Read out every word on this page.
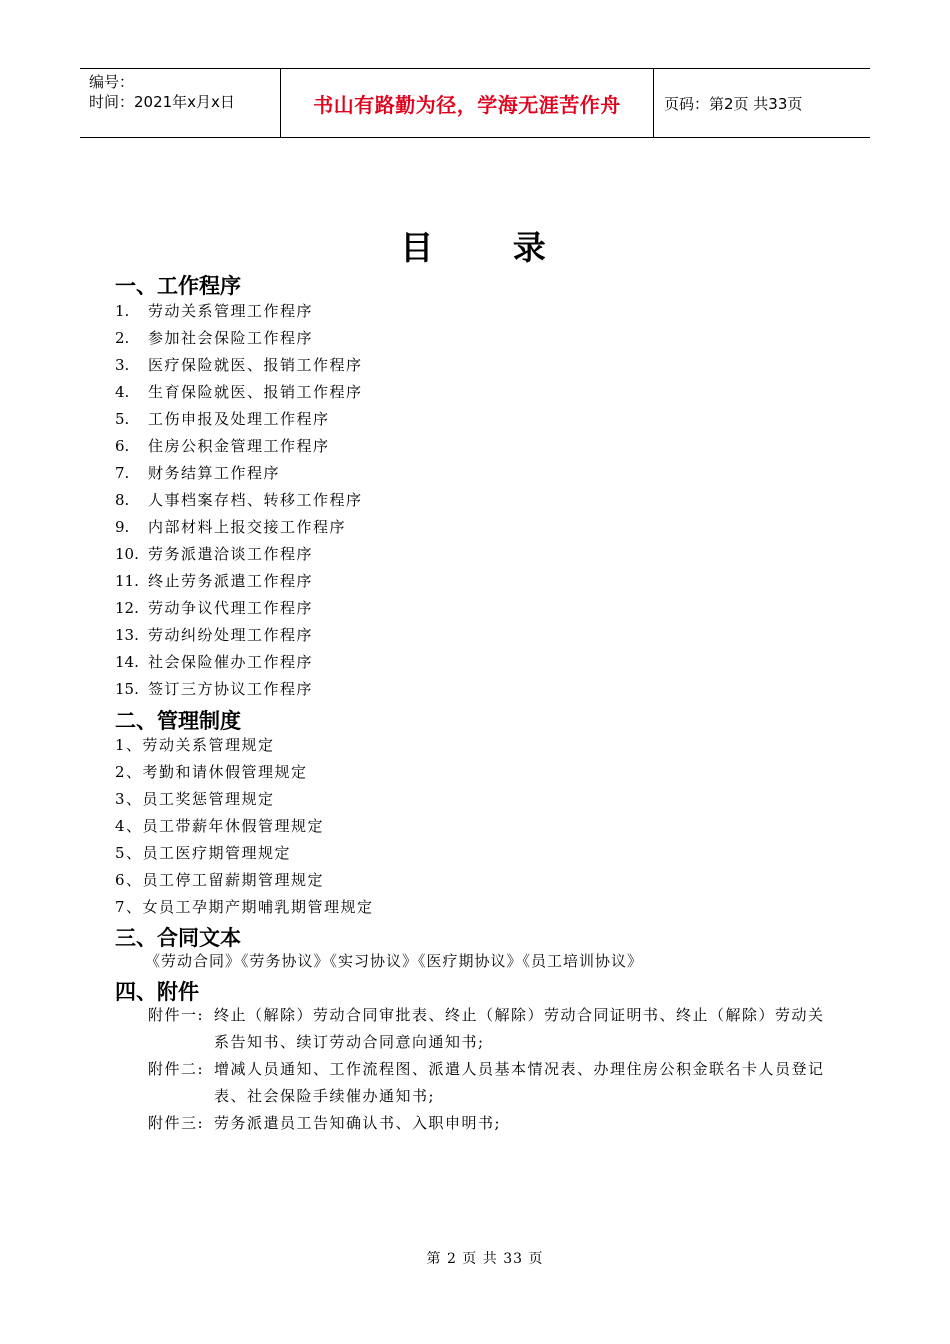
编号：
时间：2021年x月x日	书山有路勤为径，学海无涯苦作舟	页码：第2页 共33页
目 录
一、工作程序
1. 劳动关系管理工作程序
2. 参加社会保险工作程序
3. 医疗保险就医、报销工作程序
4. 生育保险就医、报销工作程序
5. 工伤申报及处理工作程序
6. 住房公积金管理工作程序
7. 财务结算工作程序
8. 人事档案存档、转移工作程序
9. 内部材料上报交接工作程序
10. 劳务派遣洽谈工作程序
11. 终止劳务派遣工作程序
12. 劳动争议代理工作程序
13. 劳动纠纷处理工作程序
14. 社会保险催办工作程序
15. 签订三方协议工作程序
二、管理制度
1、劳动关系管理规定
2、考勤和请休假管理规定
3、员工奖惩管理规定
4、员工带薪年休假管理规定
5、员工医疗期管理规定
6、员工停工留薪期管理规定
7、女员工孕期产期哺乳期管理规定
三、合同文本
《劳动合同》《劳务协议》《实习协议》《医疗期协议》《员工培训协议》
四、附件
附件一: 终止（解除）劳动合同审批表、终止（解除）劳动合同证明书、终止（解除）劳动关系告知书、续订劳动合同意向通知书;
附件二: 增减人员通知、工作流程图、派遣人员基本情况表、办理住房公积金联名卡人员登记表、社会保险手续催办通知书;
附件三: 劳务派遣员工告知确认书、入职申明书;
第 2 页 共 33 页
